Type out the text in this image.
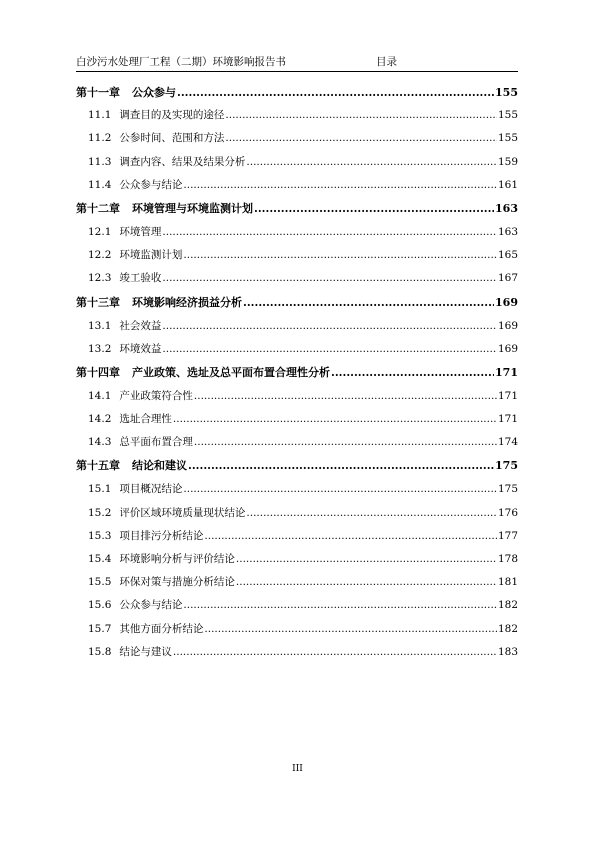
白沙污水处理厂工程（二期）环境影响报告书	目录
第十一章 公众参与 .....	155
11.1 调查目的及实现的途径 .....	155
11.2 公参时间、范围和方法 .....	155
11.3 调查内容、结果及结果分析 .....	159
11.4 公众参与结论 .....	161
第十二章 环境管理与环境监测计划 .....	163
12.1 环境管理 .....	163
12.2 环境监测计划 .....	165
12.3 竣工验收 .....	167
第十三章 环境影响经济损益分析 .....	169
13.1 社会效益 .....	169
13.2 环境效益 .....	169
第十四章 产业政策、选址及总平面布置合理性分析 .....	171
14.1 产业政策符合性 .....	171
14.2 选址合理性 .....	171
14.3 总平面布置合理 .....	174
第十五章 结论和建议 .....	175
15.1 项目概况结论 .....	175
15.2 评价区域环境质量现状结论 .....	176
15.3 项目排污分析结论 .....	177
15.4 环境影响分析与评价结论 .....	178
15.5 环保对策与措施分析结论 .....	181
15.6 公众参与结论 .....	182
15.7 其他方面分析结论 .....	182
15.8 结论与建议 .....	183
III
